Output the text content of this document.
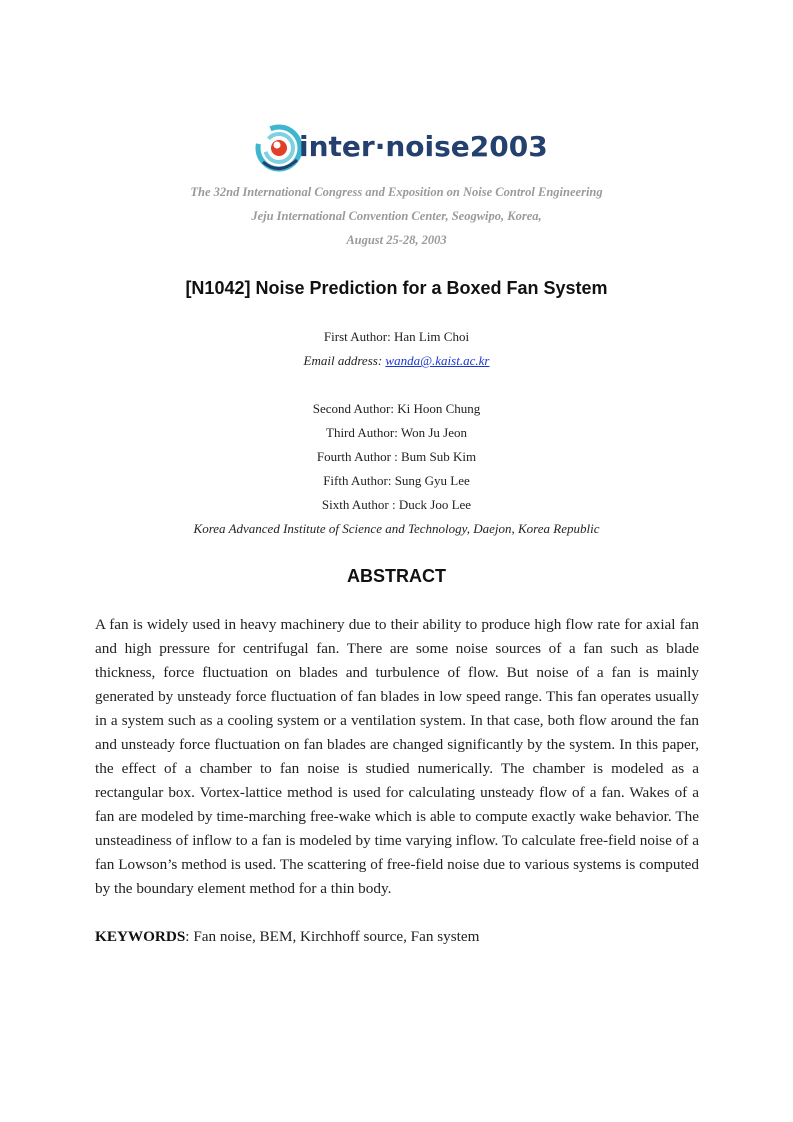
inter·noise2003
The 32nd International Congress and Exposition on Noise Control Engineering
Jeju International Convention Center, Seogwipo, Korea,
August 25-28, 2003
[N1042] Noise Prediction for a Boxed Fan System
First Author: Han Lim Choi
Email address: wanda@.kaist.ac.kr
Second Author: Ki Hoon Chung
Third Author: Won Ju Jeon
Fourth Author : Bum Sub Kim
Fifth Author: Sung Gyu Lee
Sixth Author : Duck Joo Lee
Korea Advanced Institute of Science and Technology, Daejon, Korea Republic
ABSTRACT
A fan is widely used in heavy machinery due to their ability to produce high flow rate for axial fan and high pressure for centrifugal fan. There are some noise sources of a fan such as blade thickness, force fluctuation on blades and turbulence of flow. But noise of a fan is mainly generated by unsteady force fluctuation of fan blades in low speed range. This fan operates usually in a system such as a cooling system or a ventilation system. In that case, both flow around the fan and unsteady force fluctuation on fan blades are changed significantly by the system. In this paper, the effect of a chamber to fan noise is studied numerically. The chamber is modeled as a rectangular box. Vortex-lattice method is used for calculating unsteady flow of a fan. Wakes of a fan are modeled by time-marching free-wake which is able to compute exactly wake behavior. The unsteadiness of inflow to a fan is modeled by time varying inflow. To calculate free-field noise of a fan Lowson’s method is used. The scattering of free-field noise due to various systems is computed by the boundary element method for a thin body.
KEYWORDS: Fan noise, BEM, Kirchhoff source, Fan system
